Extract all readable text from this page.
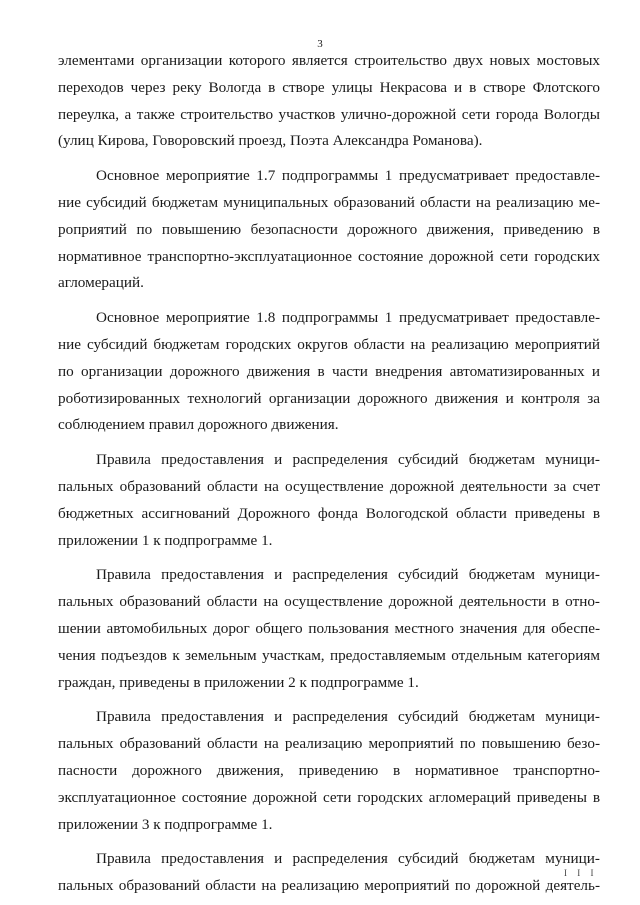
3

элементами организации которого является строительство двух новых мостовых
переходов через реку Вологда в створе улицы Некрасова и в створе Флотского
переулка, а также строительство участков улично-дорожной сети города Вологды
(улиц Кирова, Говоровский проезд, Поэта Александра Романова).

Основное мероприятие 1.7 подпрограммы 1 предусматривает предоставле-
ние субсидий бюджетам муниципальных образований области на реализацию ме-
роприятий по повышению безопасности дорожного движения, приведению в
нормативное транспортно-эксплуатационное состояние дорожной сети городских
агломераций.

Основное мероприятие 1.8 подпрограммы 1 предусматривает предоставле-
ние субсидий бюджетам городских округов области на реализацию мероприятий
по организации дорожного движения в части внедрения автоматизированных и
роботизированных технологий организации дорожного движения и контроля за
соблюдением правил дорожного движения.

Правила предоставления и распределения субсидий бюджетам муници-
пальных образований области на осуществление дорожной деятельности за счет
бюджетных ассигнований Дорожного фонда Вологодской области приведены в
приложении 1 к подпрограмме 1.

Правила предоставления и распределения субсидий бюджетам муници-
пальных образований области на осуществление дорожной деятельности в отно-
шении автомобильных дорог общего пользования местного значения для обеспе-
чения подъездов к земельным участкам, предоставляемым отдельным категориям
граждан, приведены в приложении 2 к подпрограмме 1.

Правила предоставления и распределения субсидий бюджетам муници-
пальных образований области на реализацию мероприятий по повышению безо-
пасности дорожного движения, приведению в нормативное транспортно-
эксплуатационное состояние дорожной сети городских агломераций приведены в
приложении 3 к подпрограмме 1.

Правила предоставления и распределения субсидий бюджетам муници-
пальных образований области на реализацию мероприятий по дорожной деятель-

I I I
